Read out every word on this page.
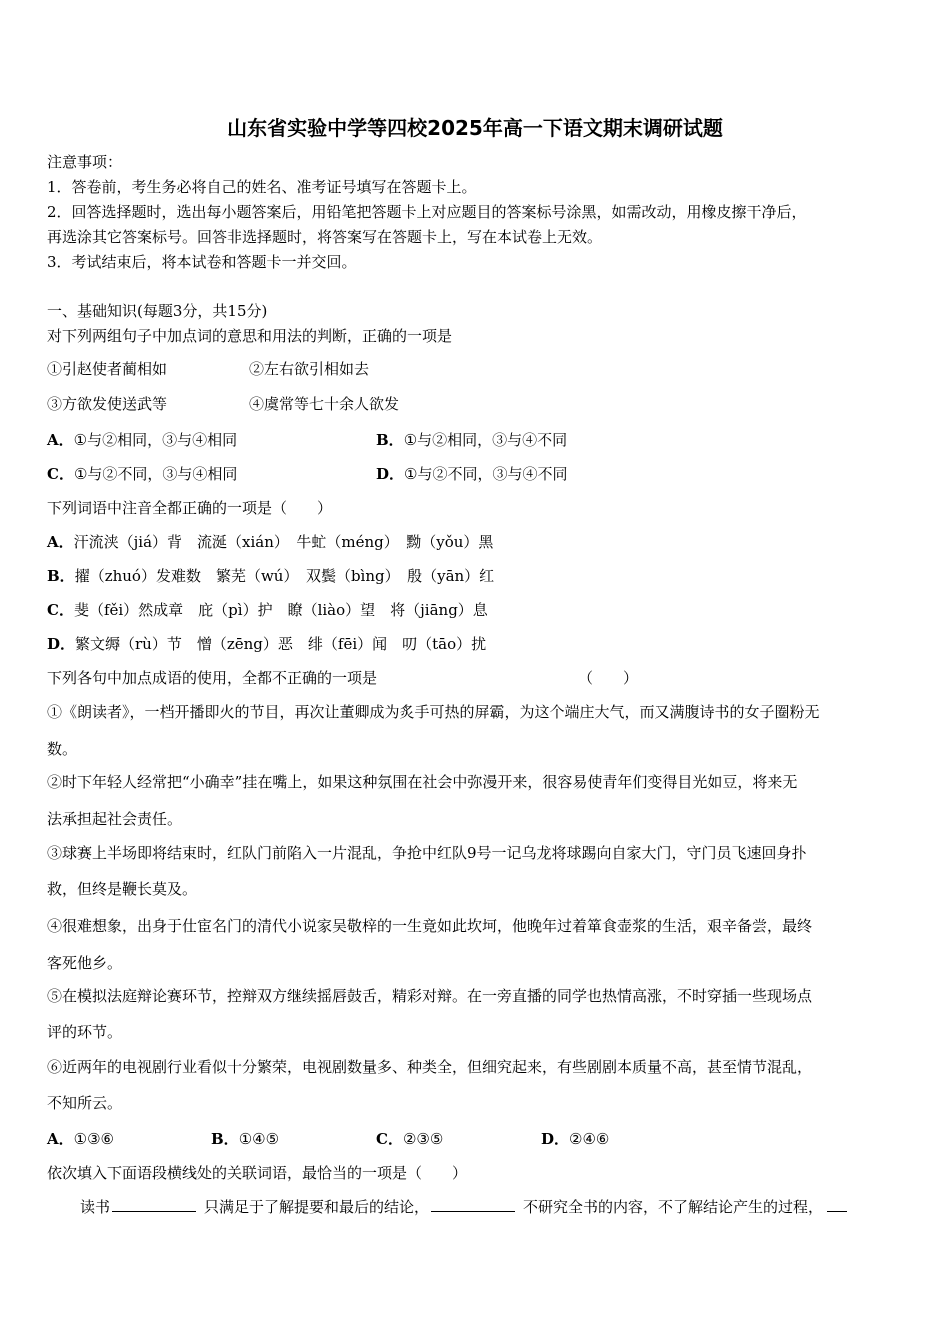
山东省实验中学等四校2025年高一下语文期末调研试题
注意事项：
1．答卷前，考生务必将自己的姓名、准考证号填写在答题卡上。
2．回答选择题时，选出每小题答案后，用铅笔把答题卡上对应题目的答案标号涂黑，如需改动，用橡皮擦干净后，
再选涂其它答案标号。回答非选择题时，将答案写在答题卡上，写在本试卷上无效。
3．考试结束后，将本试卷和答题卡一并交回。
一、基础知识(每题3分，共15分)
对下列两组句子中加点词的意思和用法的判断，正确的一项是
①引赵使者蔺相如	②左右欲引相如去
③方欲发使送武等	④虞常等七十余人欲发
A．①与②相同，③与④相同	B．①与②相同，③与④不同
C．①与②不同，③与④相同	D．①与②不同，③与④不同
下列词语中注音全都正确的一项是（　　）
A．汗流浃（jiá）背　流涎（xián）　牛虻（méng）　黝（yǒu）黑
B．擢（zhuó）发难数　繁芜（wú）　双鬓（bìng）　殷（yān）红
C．斐（fěi）然成章　庇（pì）护　瞭（liào）望　将（jiāng）息
D．繁文缛（rù）节　憎（zēng）恶　绯（fēi）闻　叨（tāo）扰
下列各句中加点成语的使用，全都不正确的一项是	（　　）
①《朗读者》，一档开播即火的节目，再次让董卿成为炙手可热的屏霸，为这个端庄大气，而又满腹诗书的女子圈粉无
数。
②时下年轻人经常把“小确幸”挂在嘴上，如果这种氛围在社会中弥漫开来，很容易使青年们变得目光如豆，将来无
法承担起社会责任。
③球赛上半场即将结束时，红队门前陷入一片混乱，争抢中红队9号一记乌龙将球踢向自家大门，守门员飞速回身扑
救，但终是鞭长莫及。
④很难想象，出身于仕宦名门的清代小说家吴敬梓的一生竟如此坎坷，他晚年过着箪食壶浆的生活，艰辛备尝，最终
客死他乡。
⑤在模拟法庭辩论赛环节，控辩双方继续摇唇鼓舌，精彩对辩。在一旁直播的同学也热情高涨，不时穿插一些现场点
评的环节。
⑥近两年的电视剧行业看似十分繁荣，电视剧数量多、种类全，但细究起来，有些剧剧本质量不高，甚至情节混乱，
不知所云。
A．①③⑥	B．①④⑤	C．②③⑤	D．②④⑥
依次填入下面语段横线处的关联词语，最恰当的一项是（　　）
读书	只满足于了解提要和最后的结论，	不研究全书的内容，不了解结论产生的过程，
